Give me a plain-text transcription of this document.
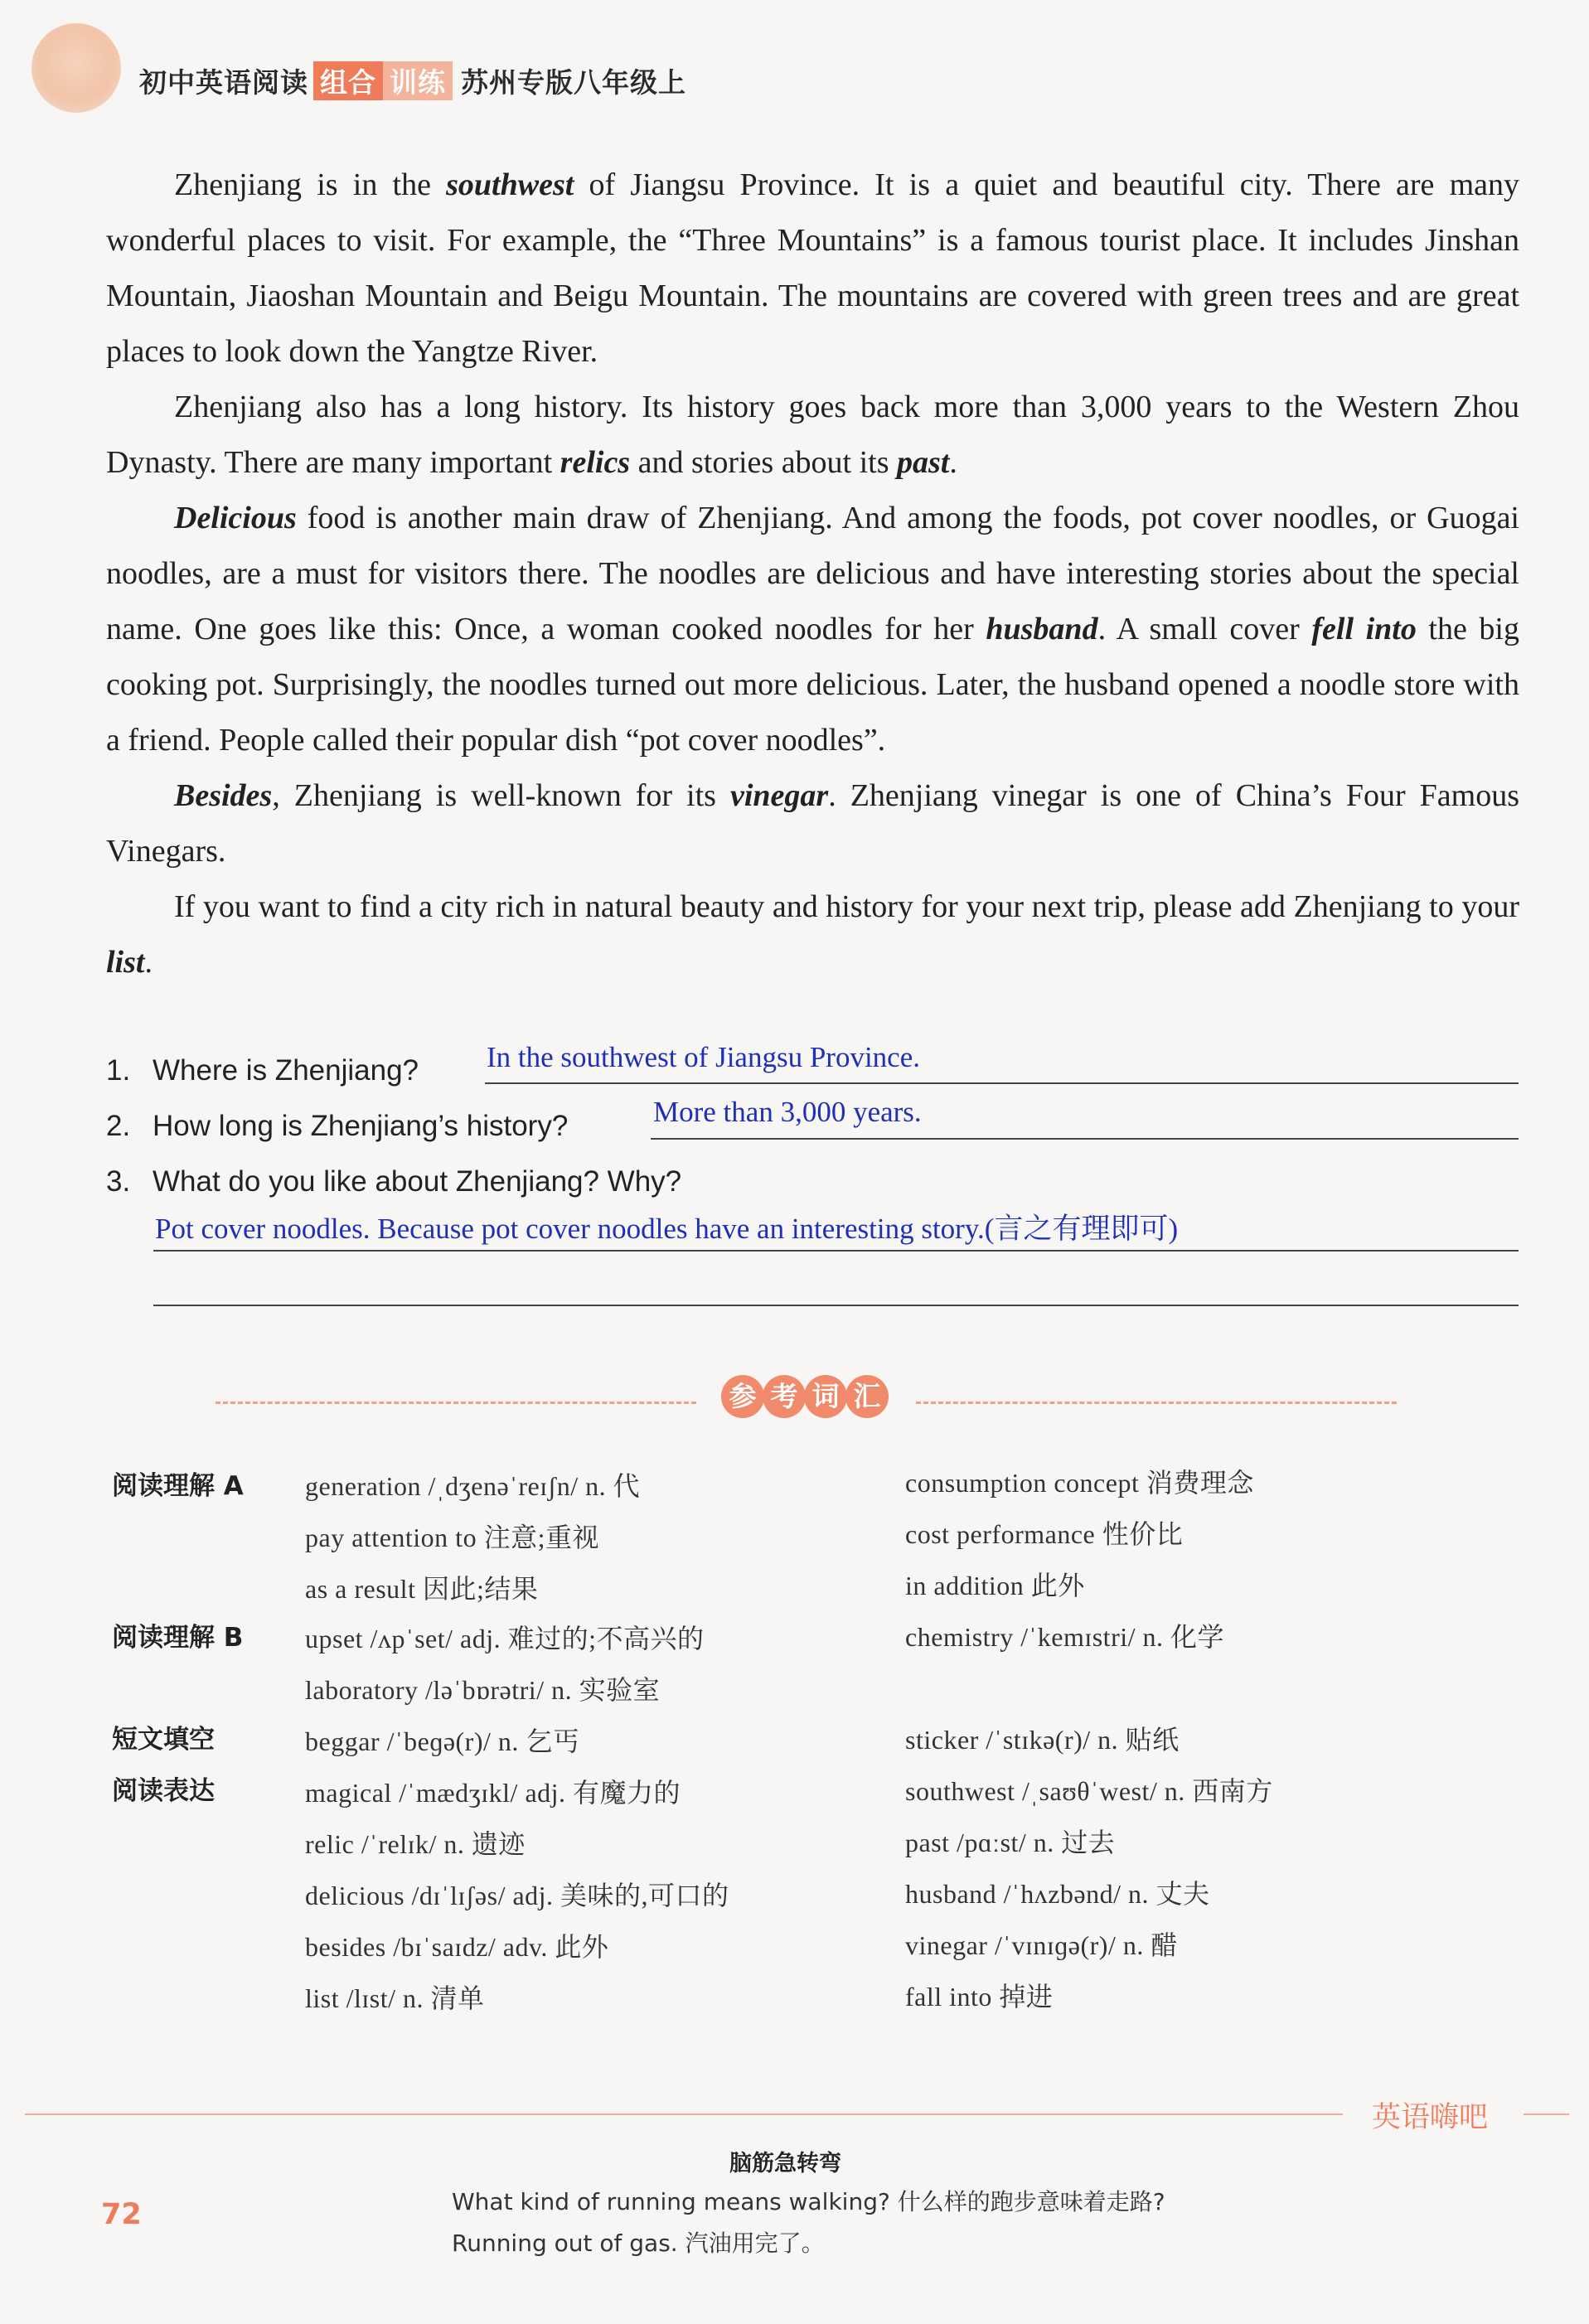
初中英语阅读 组合 训练 苏州专版八年级上

Zhenjiang is in the southwest of Jiangsu Province. It is a quiet and beautiful city. There are many wonderful places to visit. For example, the “Three Mountains” is a famous tourist place. It includes Jinshan Mountain, Jiaoshan Mountain and Beigu Mountain. The mountains are covered with green trees and are great places to look down the Yangtze River.

Zhenjiang also has a long history. Its history goes back more than 3,000 years to the Western Zhou Dynasty. There are many important relics and stories about its past.

Delicious food is another main draw of Zhenjiang. And among the foods, pot cover noodles, or Guogai noodles, are a must for visitors there. The noodles are delicious and have interesting stories about the special name. One goes like this: Once, a woman cooked noodles for her husband. A small cover fell into the big cooking pot. Surprisingly, the noodles turned out more delicious. Later, the husband opened a noodle store with a friend. People called their popular dish “pot cover noodles”.

Besides, Zhenjiang is well-known for its vinegar. Zhenjiang vinegar is one of China’s Four Famous Vinegars.

If you want to find a city rich in natural beauty and history for your next trip, please add Zhenjiang to your list.

1. Where is Zhenjiang? In the southwest of Jiangsu Province.
2. How long is Zhenjiang’s history?	More than 3,000 years.
3. What do you like about Zhenjiang? Why?
Pot cover noodles. Because pot cover noodles have an interesting story.(言之有理即可)
参 考 词 汇
阅读理解 A
阅读理解 B
短文填空
阅读表达
generation /ˌdʒenəˈreɪʃn/ n. 代
pay attention to 注意;重视
as a result 因此;结果
upset /ʌpˈset/ adj. 难过的;不高兴的
laboratory /ləˈbɒrətri/ n. 实验室
beggar /ˈbeɡə(r)/ n. 乞丐
magical /ˈmædʒɪkl/ adj. 有魔力的
relic /ˈrelɪk/ n. 遗迹
delicious /dɪˈlɪʃəs/ adj. 美味的,可口的
besides /bɪˈsaɪdz/ adv. 此外
list /lɪst/ n. 清单
consumption concept 消费理念
cost performance 性价比
in addition 此外
chemistry /ˈkemɪstri/ n. 化学
sticker /ˈstɪkə(r)/ n. 贴纸
southwest /ˌsaʊθˈwest/ n. 西南方
past /pɑːst/ n. 过去
husband /ˈhʌzbənd/ n. 丈夫
vinegar /ˈvɪnɪɡə(r)/ n. 醋
fall into 掉进
英语嗨吧
脑筋急转弯
72	What kind of running means walking? 什么样的跑步意味着走路?
Running out of gas. 汽油用完了。
